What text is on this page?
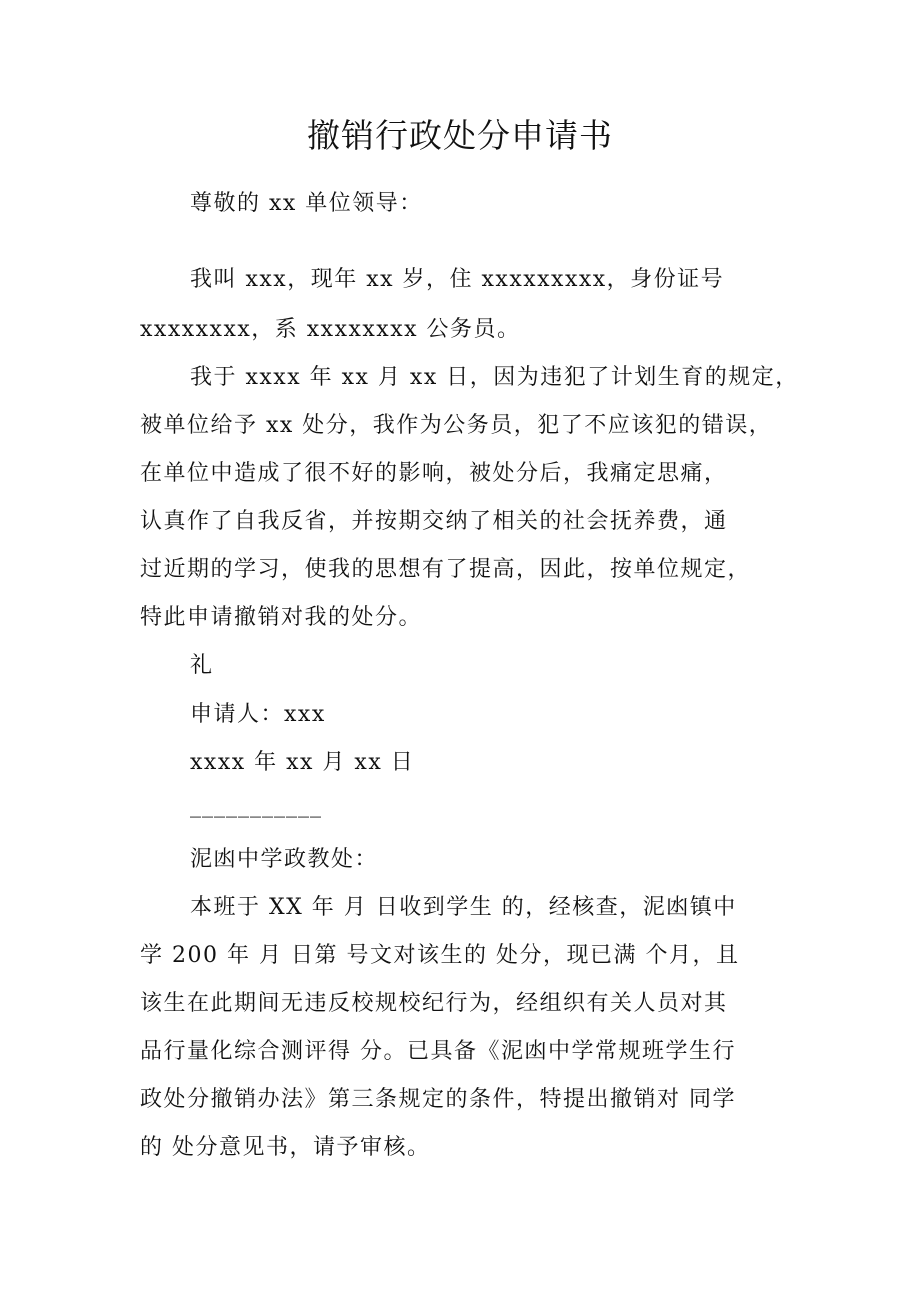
撤销行政处分申请书
尊敬的 xx 单位领导：
我叫 xxx，现年 xx 岁，住 xxxxxxxxx，身份证号
xxxxxxxx，系 xxxxxxxx 公务员。
我于 xxxx 年 xx 月 xx 日，因为违犯了计划生育的规定，
被单位给予 xx 处分，我作为公务员，犯了不应该犯的错误，
在单位中造成了很不好的影响，被处分后，我痛定思痛，
认真作了自我反省，并按期交纳了相关的社会抚养费，通
过近期的学习，使我的思想有了提高，因此，按单位规定，
特此申请撤销对我的处分。
礼
申请人：xxx
xxxx 年 xx 月 xx 日
___________
泥凼中学政教处：
本班于 XX 年 月 日收到学生 的，经核查，泥凼镇中
学 200 年 月 日第 号文对该生的 处分，现已满 个月，且
该生在此期间无违反校规校纪行为，经组织有关人员对其
品行量化综合测评得 分。已具备《泥凼中学常规班学生行
政处分撤销办法》第三条规定的条件，特提出撤销对 同学
的 处分意见书，请予审核。
